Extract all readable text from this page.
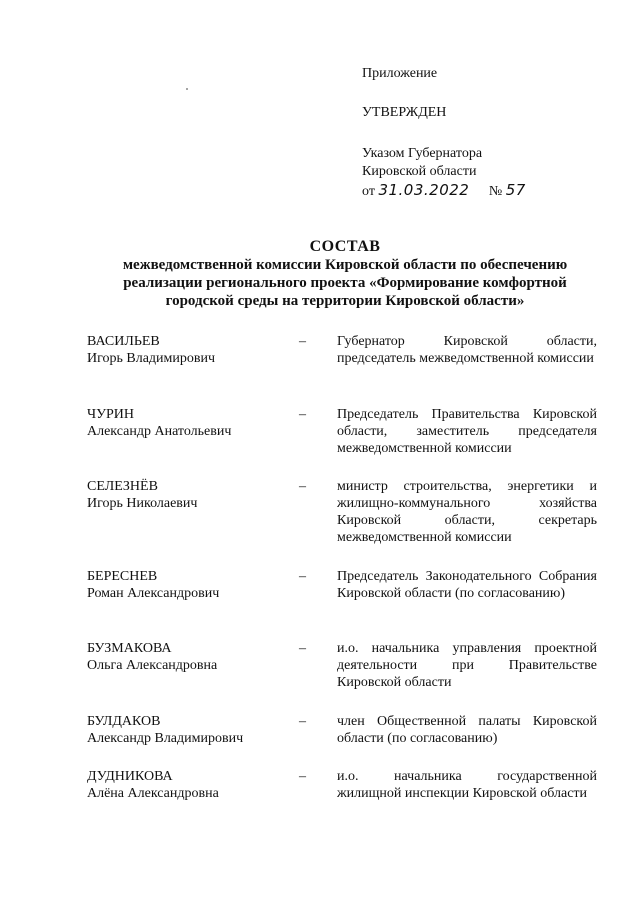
Приложение
УТВЕРЖДЕН
Указом Губернатора
Кировской области
от 31.03.2022 № 57
СОСТАВ
межведомственной комиссии Кировской области по обеспечению
реализации регионального проекта «Формирование комфортной
городской среды на территории Кировской области»
ВАСИЛЬЕВ
Игорь Владимирович
– Губернатор Кировской области, председатель межведомственной комиссии
ЧУРИН
Александр Анатольевич
– Председатель Правительства Кировской области, заместитель председателя межведомственной комиссии
СЕЛЕЗНЁВ
Игорь Николаевич
– министр строительства, энергетики и жилищно-коммунального хозяйства Кировской области, секретарь межведомственной комиссии
БЕРЕСНЕВ
Роман Александрович
– Председатель Законодательного Собрания Кировской области (по согласованию)
БУЗМАКОВА
Ольга Александровна
– и.о. начальника управления проектной деятельности при Правительстве Кировской области
БУЛДАКОВ
Александр Владимирович
– член Общественной палаты Кировской области (по согласованию)
ДУДНИКОВА
Алёна Александровна
– и.о. начальника государственной жилищной инспекции Кировской области
